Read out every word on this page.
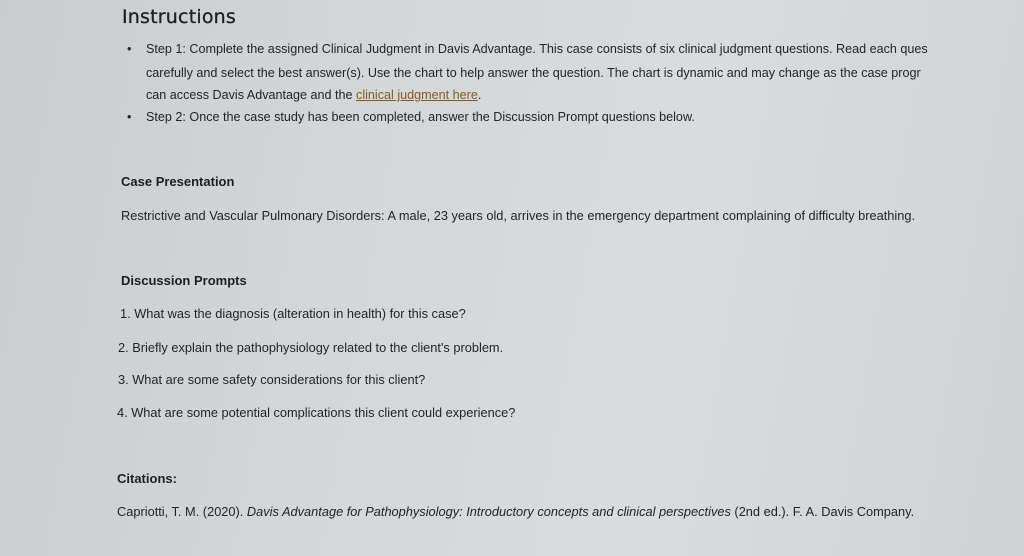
Instructions
• Step 1: Complete the assigned Clinical Judgment in Davis Advantage. This case consists of six clinical judgment questions. Read each ques
carefully and select the best answer(s). Use the chart to help answer the question. The chart is dynamic and may change as the case progr
can access Davis Advantage and the clinical judgment here.
• Step 2: Once the case study has been completed, answer the Discussion Prompt questions below.
Case Presentation
Restrictive and Vascular Pulmonary Disorders: A male, 23 years old, arrives in the emergency department complaining of difficulty breathing.
Discussion Prompts
1. What was the diagnosis (alteration in health) for this case?
2. Briefly explain the pathophysiology related to the client's problem.
3. What are some safety considerations for this client?
4. What are some potential complications this client could experience?
Citations:
Capriotti, T. M. (2020). Davis Advantage for Pathophysiology: Introductory concepts and clinical perspectives (2nd ed.). F. A. Davis Company.
